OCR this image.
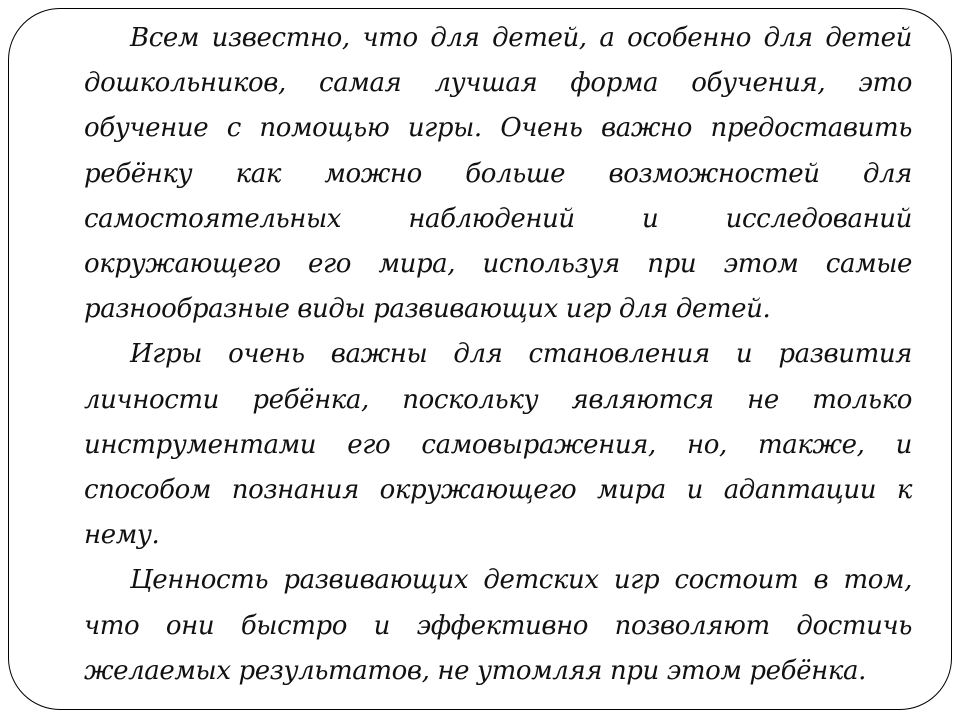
Всем известно, что для детей, а особенно для детей дошкольников, самая лучшая форма обучения, это обучение с помощью игры. Очень важно предоставить ребёнку как можно больше возможностей для самостоятельных наблюдений и исследований окружающего его мира, используя при этом самые разнообразные виды развивающих игр для детей.

Игры очень важны для становления и развития личности ребёнка, поскольку являются не только инструментами его самовыражения, но, также, и способом познания окружающего мира и адаптации к нему.

Ценность развивающих детских игр состоит в том, что они быстро и эффективно позволяют достичь желаемых результатов, не утомляя при этом ребёнка.
